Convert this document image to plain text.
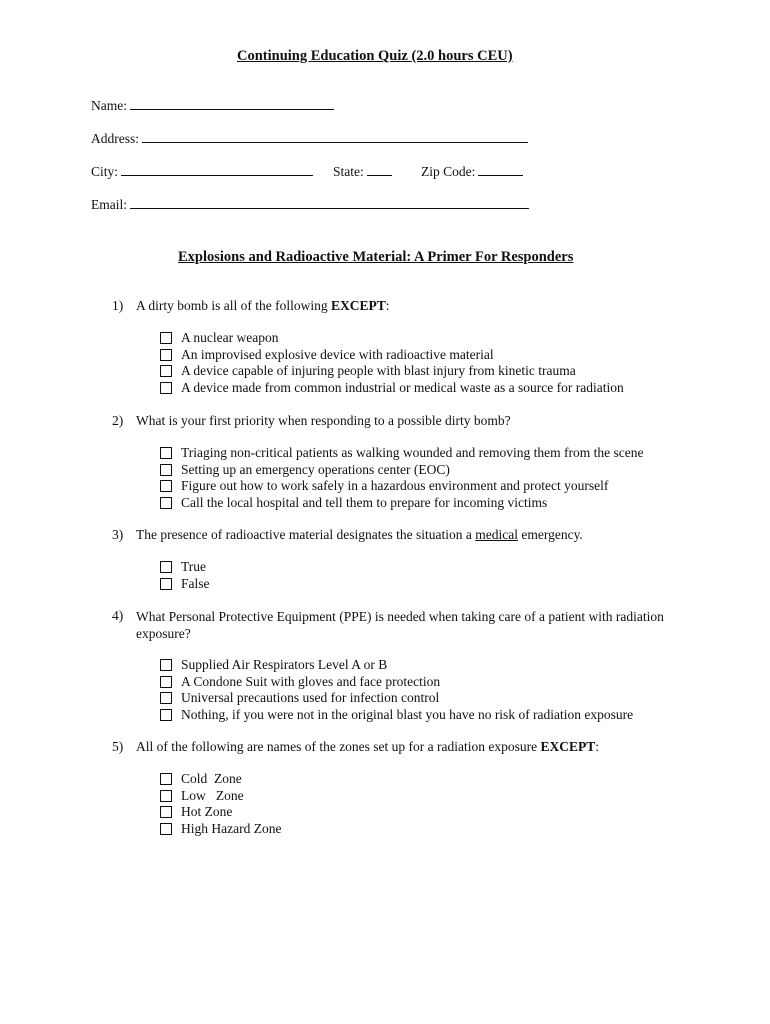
Continuing Education Quiz (2.0 hours CEU)
Name:
Address:
City:	State:	Zip Code:
Email:
Explosions and Radioactive Material: A Primer For Responders
1) A dirty bomb is all of the following EXCEPT:
A nuclear weapon
An improvised explosive device with radioactive material
A device capable of injuring people with blast injury from kinetic trauma
A device made from common industrial or medical waste as a source for radiation
2) What is your first priority when responding to a possible dirty bomb?
Triaging non-critical patients as walking wounded and removing them from the scene
Setting up an emergency operations center (EOC)
Figure out how to work safely in a hazardous environment and protect yourself
Call the local hospital and tell them to prepare for incoming victims
3) The presence of radioactive material designates the situation a medical emergency.
True
False
4) What Personal Protective Equipment (PPE) is needed when taking care of a patient with radiation exposure?
Supplied Air Respirators Level A or B
A Condone Suit with gloves and face protection
Universal precautions used for infection control
Nothing, if you were not in the original blast you have no risk of radiation exposure
5) All of the following are names of the zones set up for a radiation exposure EXCEPT:
Cold  Zone
Low   Zone
Hot Zone
High Hazard Zone
